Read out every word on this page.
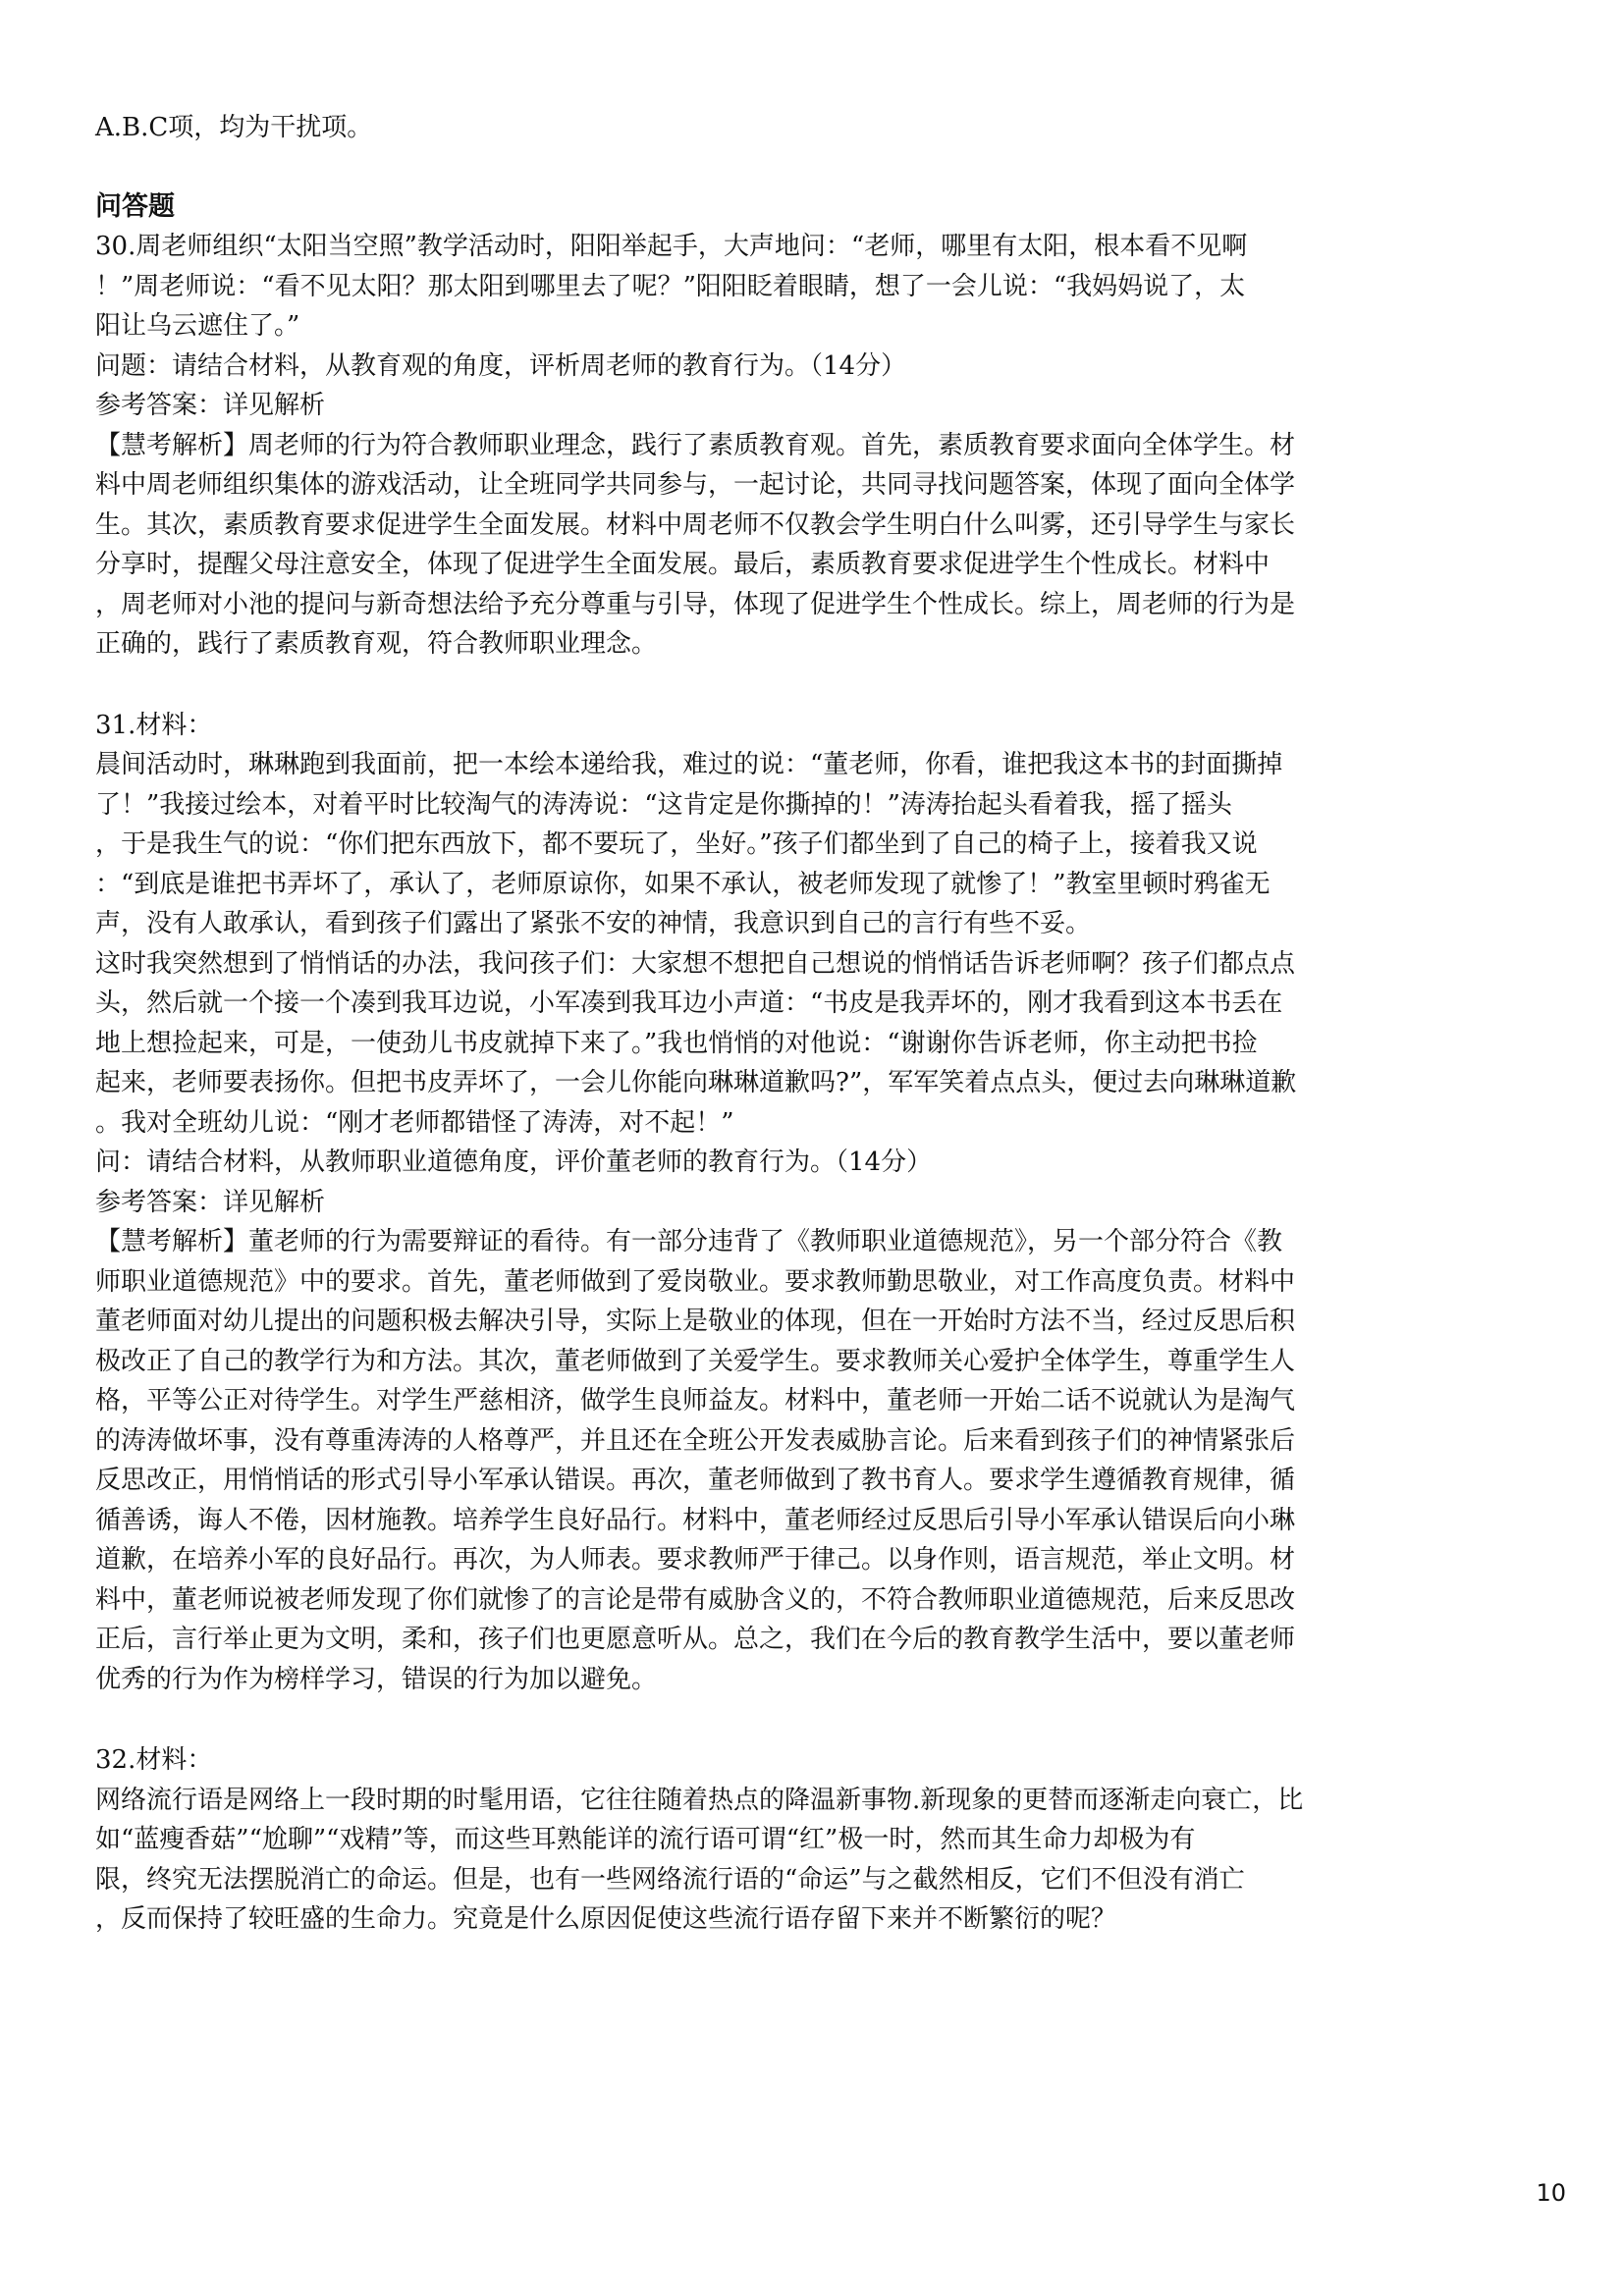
A.B.C项，均为干扰项。

问答题

30.周老师组织“太阳当空照”教学活动时，阳阳举起手，大声地问：“老师，哪里有太阳，根本看不见啊

！”周老师说：“看不见太阳？那太阳到哪里去了呢？”阳阳眨着眼睛，想了一会儿说：“我妈妈说了，太

阳让乌云遮住了。”

问题：请结合材料，从教育观的角度，评析周老师的教育行为。（14分）

参考答案：详见解析

【慧考解析】周老师的行为符合教师职业理念，践行了素质教育观。首先，素质教育要求面向全体学生。材

料中周老师组织集体的游戏活动，让全班同学共同参与，一起讨论，共同寻找问题答案，体现了面向全体学

生。其次，素质教育要求促进学生全面发展。材料中周老师不仅教会学生明白什么叫雾，还引导学生与家长

分享时，提醒父母注意安全，体现了促进学生全面发展。最后，素质教育要求促进学生个性成长。材料中

，周老师对小池的提问与新奇想法给予充分尊重与引导，体现了促进学生个性成长。综上，周老师的行为是

正确的，践行了素质教育观，符合教师职业理念。

31.材料：

晨间活动时，琳琳跑到我面前，把一本绘本递给我，难过的说：“董老师，你看，谁把我这本书的封面撕掉

了！”我接过绘本，对着平时比较淘气的涛涛说：“这肯定是你撕掉的！”涛涛抬起头看着我，摇了摇头

，于是我生气的说：“你们把东西放下，都不要玩了，坐好。”孩子们都坐到了自己的椅子上，接着我又说

：“到底是谁把书弄坏了，承认了，老师原谅你，如果不承认，被老师发现了就惨了！”教室里顿时鸦雀无

声，没有人敢承认，看到孩子们露出了紧张不安的神情，我意识到自己的言行有些不妥。

这时我突然想到了悄悄话的办法，我问孩子们：大家想不想把自己想说的悄悄话告诉老师啊？孩子们都点点

头，然后就一个接一个凑到我耳边说，小军凑到我耳边小声道：“书皮是我弄坏的，刚才我看到这本书丢在

地上想捡起来，可是，一使劲儿书皮就掉下来了。”我也悄悄的对他说：“谢谢你告诉老师，你主动把书捡

起来，老师要表扬你。但把书皮弄坏了，一会儿你能向琳琳道歉吗?”，军军笑着点点头，便过去向琳琳道歉

。我对全班幼儿说：“刚才老师都错怪了涛涛，对不起！”

问：请结合材料，从教师职业道德角度，评价董老师的教育行为。（14分）

参考答案：详见解析

【慧考解析】董老师的行为需要辩证的看待。有一部分违背了《教师职业道德规范》，另一个部分符合《教

师职业道德规范》中的要求。首先，董老师做到了爱岗敬业。要求教师勤思敬业，对工作高度负责。材料中

董老师面对幼儿提出的问题积极去解决引导，实际上是敬业的体现，但在一开始时方法不当，经过反思后积

极改正了自己的教学行为和方法。其次，董老师做到了关爱学生。要求教师关心爱护全体学生，尊重学生人

格，平等公正对待学生。对学生严慈相济，做学生良师益友。材料中，董老师一开始二话不说就认为是淘气

的涛涛做坏事，没有尊重涛涛的人格尊严，并且还在全班公开发表威胁言论。后来看到孩子们的神情紧张后

反思改正，用悄悄话的形式引导小军承认错误。再次，董老师做到了教书育人。要求学生遵循教育规律，循

循善诱，诲人不倦，因材施教。培养学生良好品行。材料中，董老师经过反思后引导小军承认错误后向小琳

道歉，在培养小军的良好品行。再次，为人师表。要求教师严于律己。以身作则，语言规范，举止文明。材

料中，董老师说被老师发现了你们就惨了的言论是带有威胁含义的，不符合教师职业道德规范，后来反思改

正后，言行举止更为文明，柔和，孩子们也更愿意听从。总之，我们在今后的教育教学生活中，要以董老师

优秀的行为作为榜样学习，错误的行为加以避免。

32.材料：

网络流行语是网络上一段时期的时髦用语，它往往随着热点的降温新事物.新现象的更替而逐渐走向衰亡，比

如“蓝瘦香菇”“尬聊”“戏精”等，而这些耳熟能详的流行语可谓“红”极一时，然而其生命力却极为有

限，终究无法摆脱消亡的命运。但是，也有一些网络流行语的“命运”与之截然相反，它们不但没有消亡

，反而保持了较旺盛的生命力。究竟是什么原因促使这些流行语存留下来并不断繁衍的呢？

10
